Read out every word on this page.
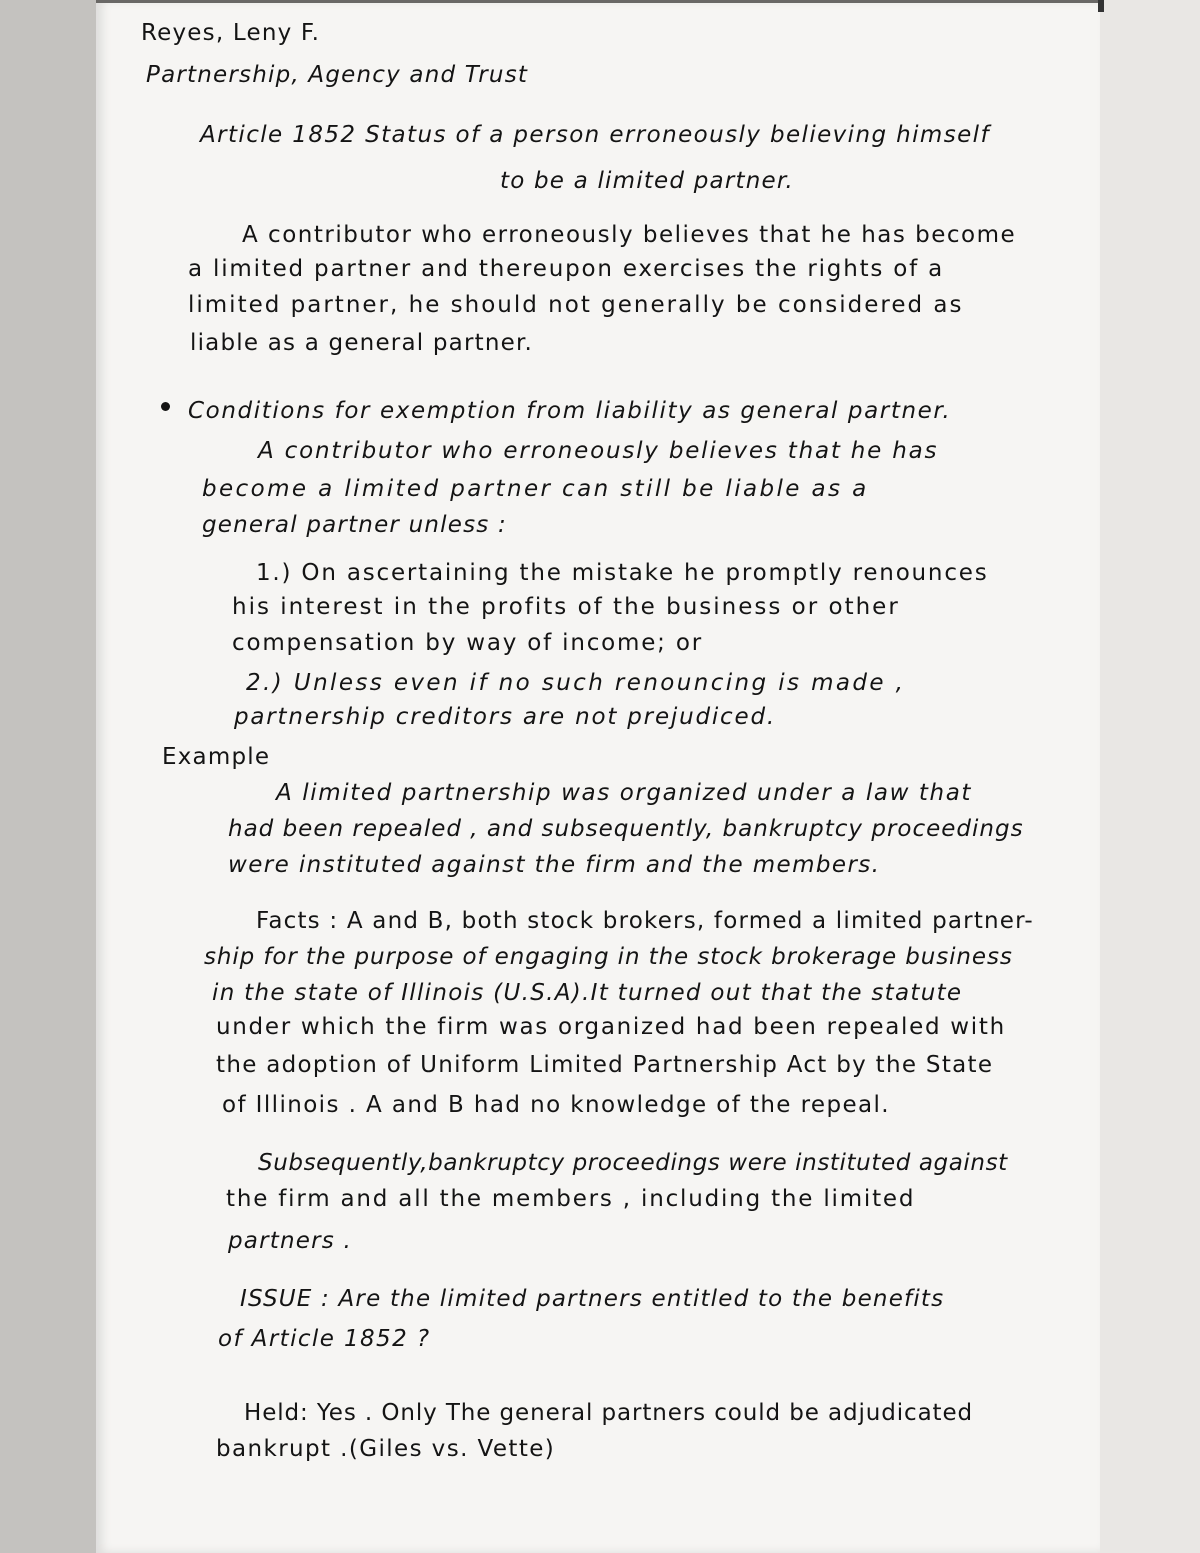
Reyes, Leny F.
Partnership, Agency and Trust
Article 1852 Status of a person erroneously believing himself
to be a limited partner.
A contributor who erroneously believes that he has become
a limited partner and thereupon exercises the rights of a
limited partner, he should not generally be considered as
liable as a general partner.
Conditions for exemption from liability as general partner.
A contributor who erroneously believes that he has
become a limited partner can still be liable as a
general partner unless :
1.) On ascertaining the mistake he promptly renounces
his interest in the profits of the business or other
compensation by way of income; or
2.) Unless even if no such renouncing is made ,
partnership creditors are not prejudiced.
Example
A limited partnership was organized under a law that
had been repealed , and subsequently, bankruptcy proceedings
were instituted against the firm and the members.
Facts : A and B, both stock brokers, formed a limited partner-
ship for the purpose of engaging in the stock brokerage business
in the state of Illinois (U.S.A).It turned out that the statute
under which the firm was organized had been repealed with
the adoption of Uniform Limited Partnership Act by the State
of Illinois . A and B had no knowledge of the repeal.
Subsequently,bankruptcy proceedings were instituted against
the firm and all the members , including the limited
partners .
ISSUE : Are the limited partners entitled to the benefits
of Article 1852 ?
Held: Yes . Only The general partners could be adjudicated
bankrupt .(Giles vs. Vette)
